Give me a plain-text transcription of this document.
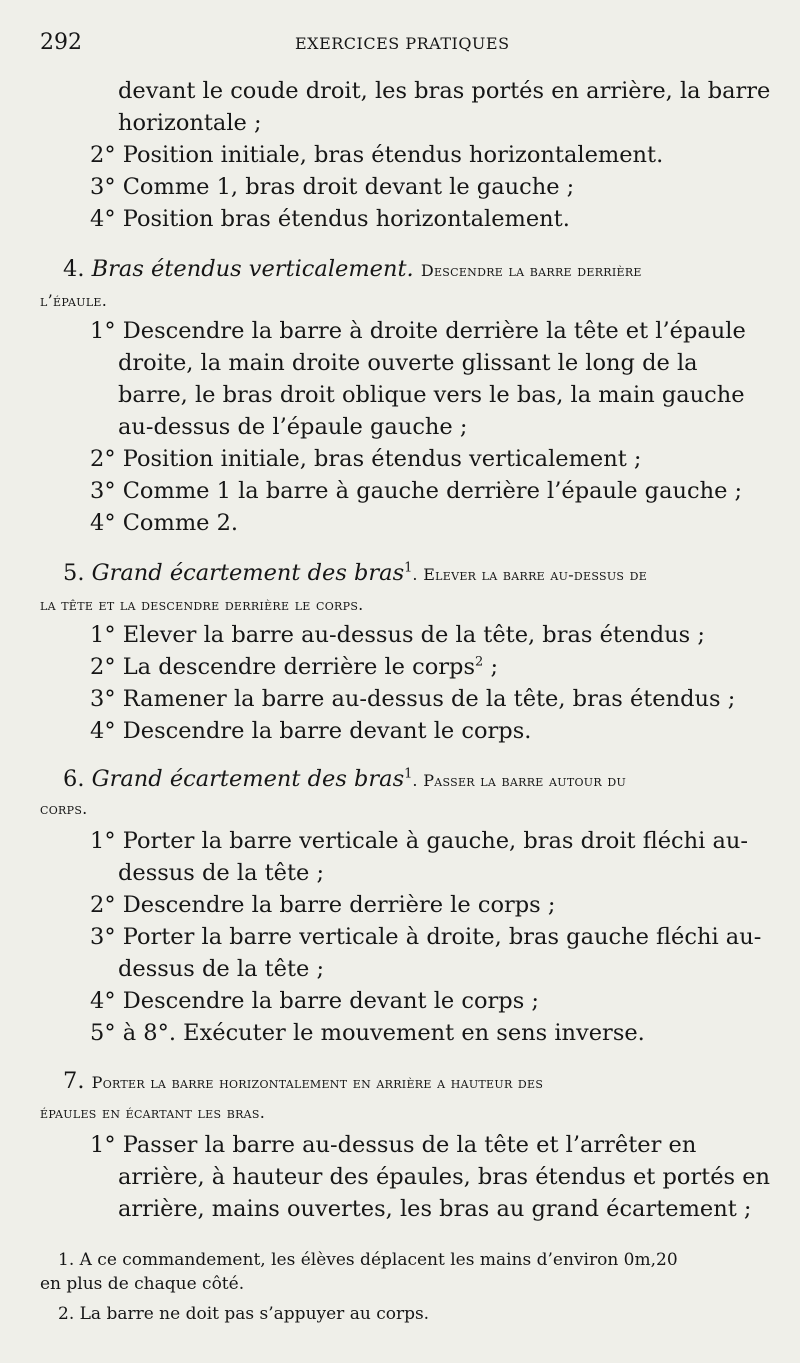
292	EXERCICES PRATIQUES
devant le coude droit, les bras portés en arrière, la barre
horizontale ;
2° Position initiale, bras étendus horizontalement.
3° Comme 1, bras droit devant le gauche ;
4° Position bras étendus horizontalement.
4. Bras étendus verticalement. Descendre la barre derrière
l’épaule.
1° Descendre la barre à droite derrière la tête et l’épaule
droite, la main droite ouverte glissant le long de la
barre, le bras droit oblique vers le bas, la main gauche
au-dessus de l’épaule gauche ;
2° Position initiale, bras étendus verticalement ;
3° Comme 1 la barre à gauche derrière l’épaule gauche ;
4° Comme 2.
5. Grand écartement des bras$^1$. Elever la barre au-dessus de
la tête et la descendre derrière le corps.
1° Elever la barre au-dessus de la tête, bras étendus ;
2° La descendre derrière le corps$^2$ ;
3° Ramener la barre au-dessus de la tête, bras étendus ;
4° Descendre la barre devant le corps.
6. Grand écartement des bras$^1$. Passer la barre autour du
corps.
1° Porter la barre verticale à gauche, bras droit fléchi au-
dessus de la tête ;
2° Descendre la barre derrière le corps ;
3° Porter la barre verticale à droite, bras gauche fléchi au-
dessus de la tête ;
4° Descendre la barre devant le corps ;
5° à 8°. Exécuter le mouvement en sens inverse.
7. Porter la barre horizontalement en arrière a hauteur des
épaules en écartant les bras.
1° Passer la barre au-dessus de la tête et l’arrêter en
arrière, à hauteur des épaules, bras étendus et portés en
arrière, mains ouvertes, les bras au grand écartement ;
1. A ce commandement, les élèves déplacent les mains d’environ 0m,20
en plus de chaque côté.
2. La barre ne doit pas s’appuyer au corps.
